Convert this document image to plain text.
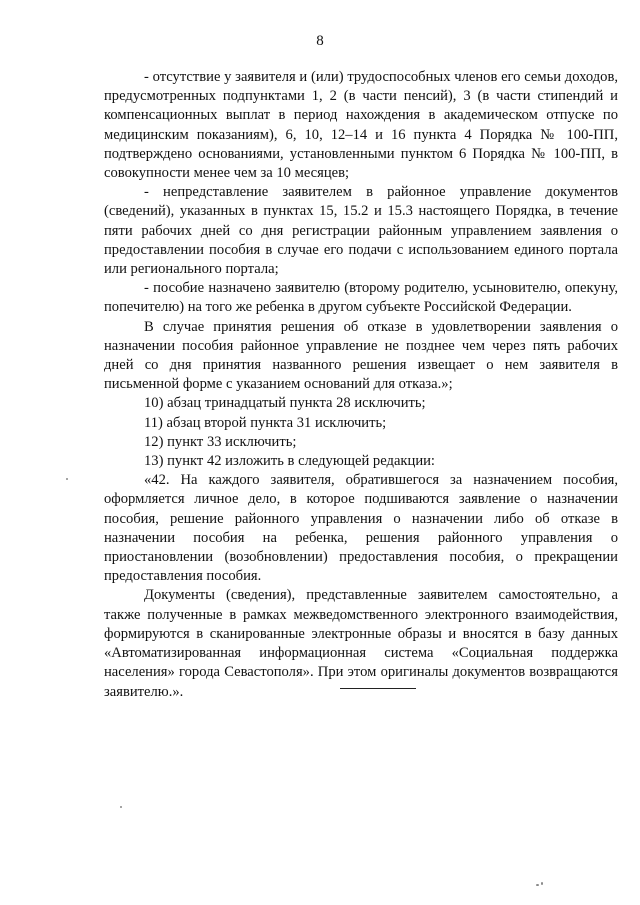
8

- отсутствие у заявителя и (или) трудоспособных членов его семьи доходов, предусмотренных подпунктами 1, 2 (в части пенсий), 3 (в части стипендий и компенсационных выплат в период нахождения в академическом отпуске по медицинским показаниям), 6, 10, 12–14 и 16 пункта 4 Порядка № 100-ПП, подтверждено основаниями, установленными пунктом 6 Порядка № 100-ПП, в совокупности менее чем за 10 месяцев;

- непредставление заявителем в районное управление документов (сведений), указанных в пунктах 15, 15.2 и 15.3 настоящего Порядка, в течение пяти рабочих дней со дня регистрации районным управлением заявления о предоставлении пособия в случае его подачи с использованием единого портала или регионального портала;

- пособие назначено заявителю (второму родителю, усыновителю, опекуну, попечителю) на того же ребенка в другом субъекте Российской Федерации.

В случае принятия решения об отказе в удовлетворении заявления о назначении пособия районное управление не позднее чем через пять рабочих дней со дня принятия названного решения извещает о нем заявителя в письменной форме с указанием оснований для отказа.»;

10) абзац тринадцатый пункта 28 исключить;

11) абзац второй пункта 31 исключить;

12) пункт 33 исключить;

13) пункт 42 изложить в следующей редакции:

«42. На каждого заявителя, обратившегося за назначением пособия, оформляется личное дело, в которое подшиваются заявление о назначении пособия, решение районного управления о назначении либо об отказе в назначении пособия на ребенка, решения районного управления о приостановлении (возобновлении) предоставления пособия, о прекращении предоставления пособия.

Документы (сведения), представленные заявителем самостоятельно, а также полученные в рамках межведомственного электронного взаимодействия, формируются в сканированные электронные образы и вносятся в базу данных «Автоматизированная информационная система «Социальная поддержка населения» города Севастополя». При этом оригиналы документов возвращаются заявителю.».
